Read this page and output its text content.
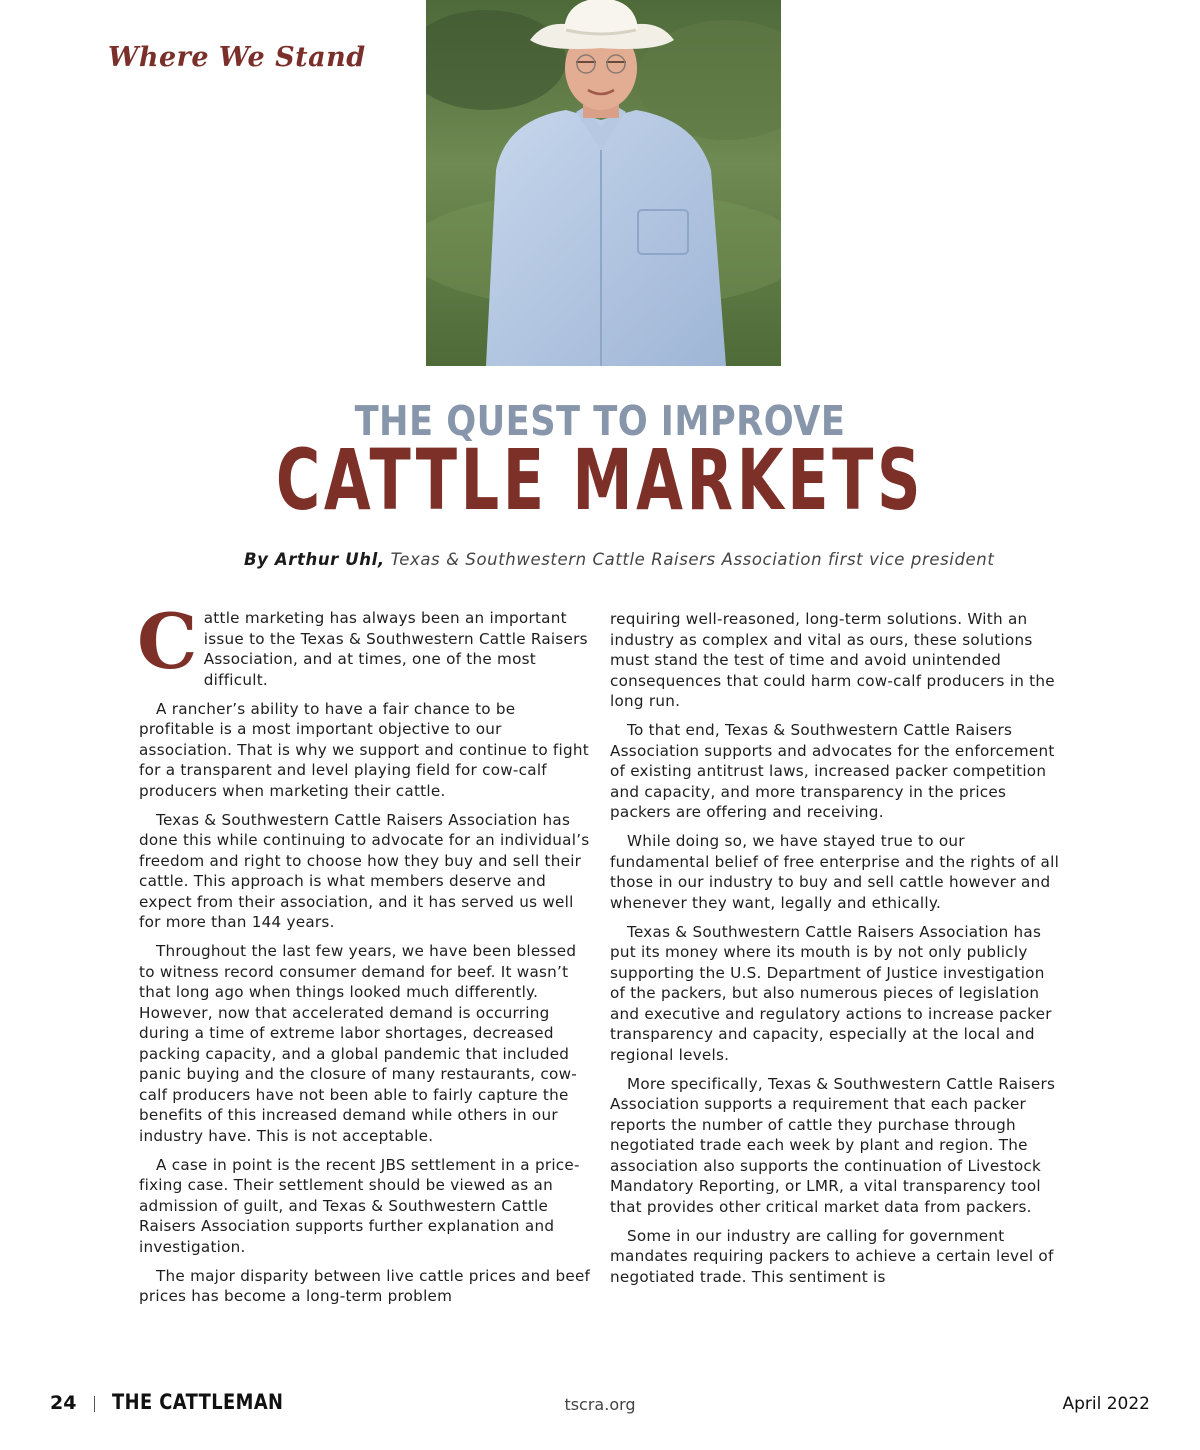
Where We Stand
THE QUEST TO IMPROVE
CATTLE MARKETS
By Arthur Uhl, Texas & Southwestern Cattle Raisers Association first vice president

Cattle marketing has always been an important issue to the Texas & Southwestern Cattle Raisers Association, and at times, one of the most difficult.

A rancher’s ability to have a fair chance to be profitable is a most important objective to our association. That is why we support and continue to fight for a transparent and level playing field for cow-calf producers when marketing their cattle.

Texas & Southwestern Cattle Raisers Association has done this while continuing to advocate for an individual’s freedom and right to choose how they buy and sell their cattle. This approach is what members deserve and expect from their association, and it has served us well for more than 144 years.

Throughout the last few years, we have been blessed to witness record consumer demand for beef. It wasn’t that long ago when things looked much differently. However, now that accelerated demand is occurring during a time of extreme labor shortages, decreased packing capacity, and a global pandemic that included panic buying and the closure of many restaurants, cow-calf producers have not been able to fairly capture the benefits of this increased demand while others in our industry have. This is not acceptable.

A case in point is the recent JBS settlement in a price-fixing case. Their settlement should be viewed as an admission of guilt, and Texas & Southwestern Cattle Raisers Association supports further explanation and investigation.

The major disparity between live cattle prices and beef prices has become a long-term problem

requiring well-reasoned, long-term solutions. With an industry as complex and vital as ours, these solutions must stand the test of time and avoid unintended consequences that could harm cow-calf producers in the long run.

To that end, Texas & Southwestern Cattle Raisers Association supports and advocates for the enforcement of existing antitrust laws, increased packer competition and capacity, and more transparency in the prices packers are offering and receiving.

While doing so, we have stayed true to our fundamental belief of free enterprise and the rights of all those in our industry to buy and sell cattle however and whenever they want, legally and ethically.

Texas & Southwestern Cattle Raisers Association has put its money where its mouth is by not only publicly supporting the U.S. Department of Justice investigation of the packers, but also numerous pieces of legislation and executive and regulatory actions to increase packer transparency and capacity, especially at the local and regional levels.

More specifically, Texas & Southwestern Cattle Raisers Association supports a requirement that each packer reports the number of cattle they purchase through negotiated trade each week by plant and region. The association also supports the continuation of Livestock Mandatory Reporting, or LMR, a vital transparency tool that provides other critical market data from packers.

Some in our industry are calling for government mandates requiring packers to achieve a certain level of negotiated trade. This sentiment is

24 THE CATTLEMAN	tscra.org	April 2022
